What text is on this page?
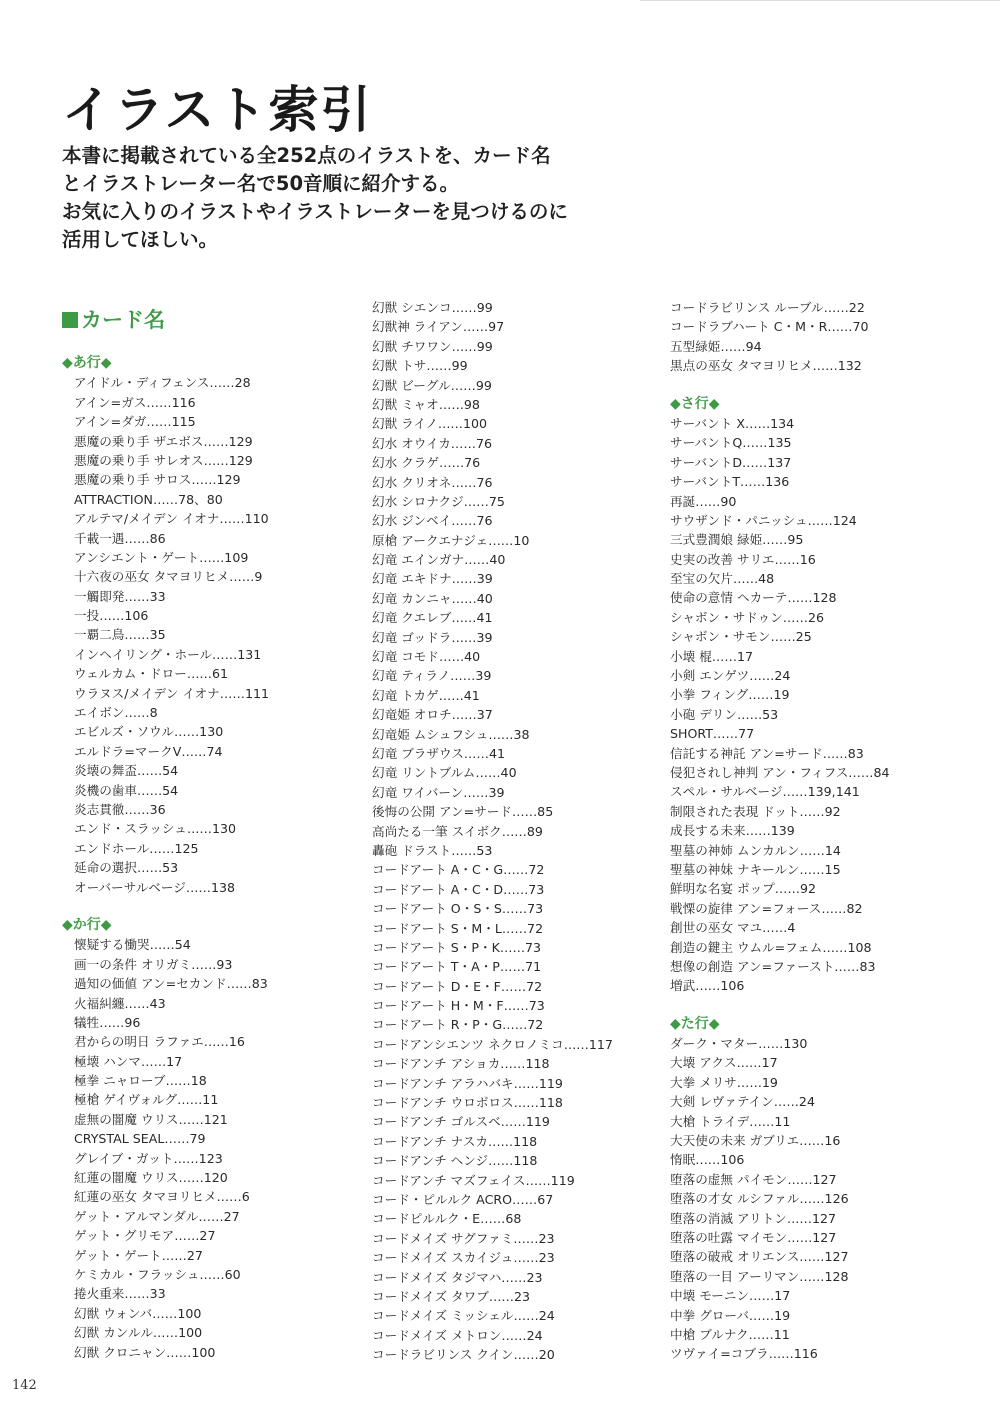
イラスト索引
本書に掲載されている全252点のイラストを、カード名
とイラストレーター名で50音順に紹介する。
お気に入りのイラストやイラストレーターを見つけるのに
活用してほしい。
カード名
◆あ行◆
アイドル・ディフェンス……28
アイン=ガス……116
アイン=ダガ……115
悪魔の乗り手 ザエボス……129
悪魔の乗り手 サレオス……129
悪魔の乗り手 サロス……129
ATTRACTION……78、80
アルテマ/メイデン イオナ……110
千載一遇……86
アンシエント・ゲート……109
十六夜の巫女 タマヨリヒメ……9
一觸即発……33
一投……106
一覇二鳥……35
インヘイリング・ホール……131
ウェルカム・ドロー……61
ウラヌス/メイデン イオナ……111
エイボン……8
エビルズ・ソウル……130
エルドラ=マークV……74
炎壊の舞盃……54
炎機の歯車……54
炎志貫徹……36
エンド・スラッシュ……130
エンドホール……125
延命の選択……53
オーバーサルベージ……138
◆か行◆
懐疑する慟哭……54
画一の条件 オリガミ……93
過知の価値 アン=セカンド……83
火福糾纏……43
犠牲……96
君からの明日 ラファエ……16
極壊 ハンマ……17
極拳 ニャローブ……18
極槍 ゲイヴォルグ……11
虚無の闇魔 ウリス……121
CRYSTAL SEAL……79
グレイブ・ガット……123
紅蓮の闇魔 ウリス……120
紅蓮の巫女 タマヨリヒメ……6
ゲット・アルマンダル……27
ゲット・グリモア……27
ゲット・ゲート……27
ケミカル・フラッシュ……60
捲火重来……33
幻獣 ウォンバ……100
幻獣 カンルル……100
幻獣 クロニャン……100
幻獣 シエンコ……99
幻獣神 ライアン……97
幻獣 チワワン……99
幻獣 トサ……99
幻獣 ビーグル……99
幻獣 ミャオ……98
幻獣 ライノ……100
幻水 オウイカ……76
幻水 クラゲ……76
幻水 クリオネ……76
幻水 シロナクジ……75
幻水 ジンベイ……76
原槍 アークエナジェ……10
幻竜 エインガナ……40
幻竜 エキドナ……39
幻竜 カンニャ……40
幻竜 クエレブ……41
幻竜 ゴッドラ……39
幻竜 コモド……40
幻竜 ティラノ……39
幻竜 トカゲ……41
幻竜姫 オロチ……37
幻竜姫 ムシュフシュ……38
幻竜 ブラザウス……41
幻竜 リントブルム……40
幻竜 ワイバーン……39
後悔の公開 アン=サード……85
高尚たる一筆 スイボク……89
轟砲 ドラスト……53
コードアート A・C・G……72
コードアート A・C・D……73
コードアート O・S・S……73
コードアート S・M・L……72
コードアート S・P・K……73
コードアート T・A・P……71
コードアート D・E・F……72
コードアート H・M・F……73
コードアート R・P・G……72
コードアンシエンツ ネクロノミコ……117
コードアンチ アショカ……118
コードアンチ アラハバキ……119
コードアンチ ウロボロス……118
コードアンチ ゴルスベ……119
コードアンチ ナスカ……118
コードアンチ ヘンジ……118
コードアンチ マズフェイス……119
コード・ピルルク ACRO……67
コードピルルク・E……68
コードメイズ サグファミ……23
コードメイズ スカイジュ……23
コードメイズ タジマハ……23
コードメイズ タワブ……23
コードメイズ ミッシェル……24
コードメイズ メトロン……24
コードラビリンス クイン……20
コードラビリンス ルーブル……22
コードラブハート C・M・R……70
五型緑姫……94
黒点の巫女 タマヨリヒメ……132
◆さ行◆
サーバント X……134
サーバントQ……135
サーバントD……137
サーバントT……136
再誕……90
サウザンド・パニッシュ……124
三式豊潤娘 緑姫……95
史実の改善 サリエ……16
至宝の欠片……48
使命の意情 ヘカーテ……128
シャボン・サドゥン……26
シャボン・サモン……25
小壊 棍……17
小剣 エンゲツ……24
小拳 フィング……19
小砲 デリン……53
SHORT……77
信託する神託 アン=サード……83
侵犯されし神判 アン・フィフス……84
スペル・サルベージ……139,141
制限された表現 ドット……92
成長する未来……139
聖墓の神姉 ムンカルン……14
聖墓の神妹 ナキールン……15
鮮明な名宴 ポップ……92
戦慄の旋律 アン=フォース……82
創世の巫女 マユ……4
創造の鍵主 ウムル=フェム……108
想像の創造 アン=ファースト……83
増武……106
◆た行◆
ダーク・マター……130
大壊 アクス……17
大拳 メリサ……19
大剣 レヴァテイン……24
大槍 トライデ……11
大天使の未来 ガブリエ……16
惰眠……106
堕落の虚無 パイモン……127
堕落の才女 ルシファル……126
堕落の消滅 アリトン……127
堕落の吐露 マイモン……127
堕落の破戒 オリエンス……127
堕落の一目 アーリマン……128
中壊 モーニン……17
中拳 グローバ……19
中槍 ブルナク……11
ツヴァイ=コブラ……116
142
